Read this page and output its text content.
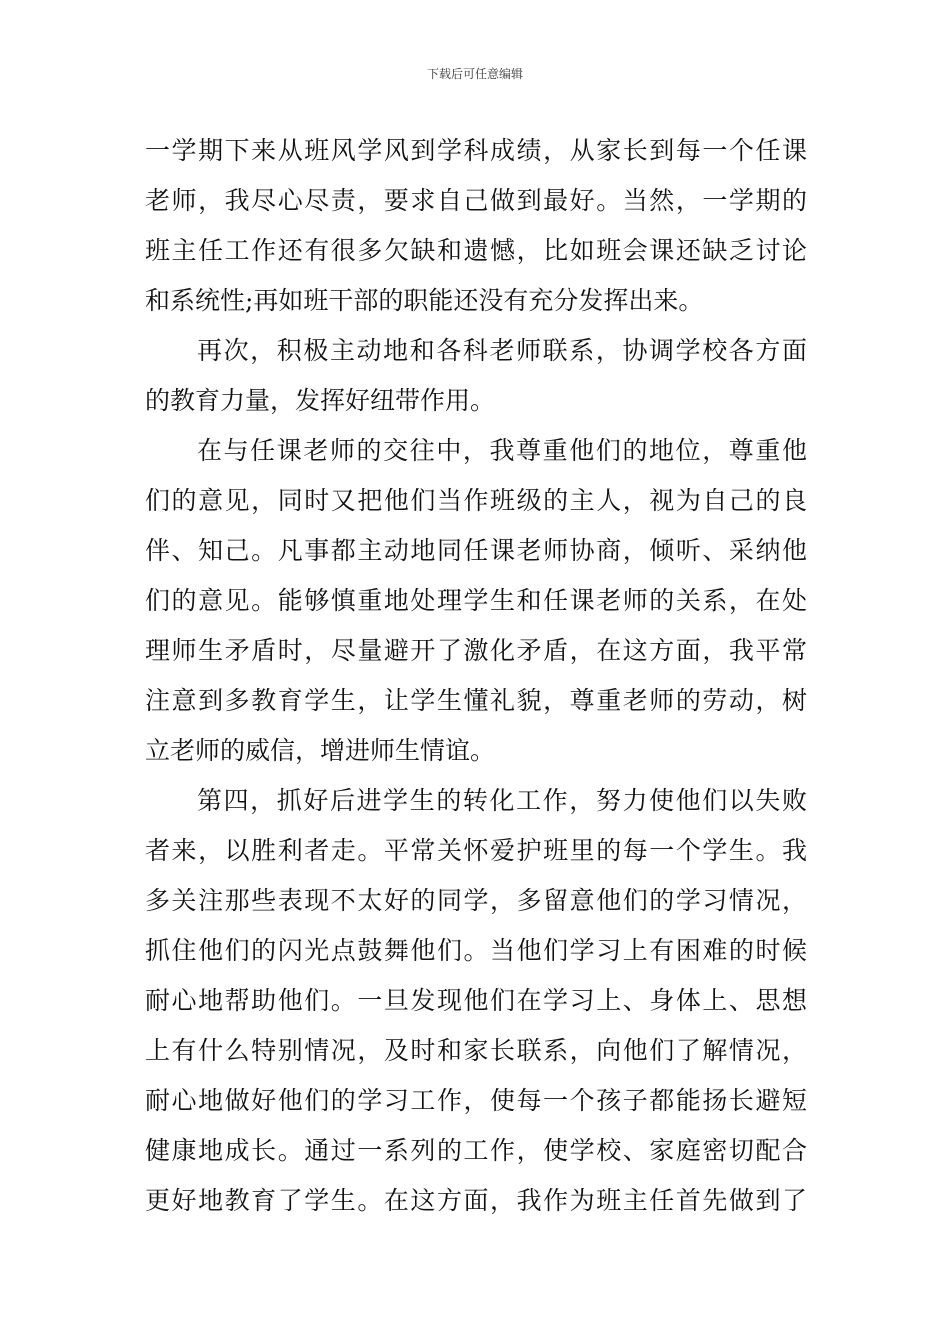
下载后可任意编辑
一学期下来从班风学风到学科成绩，从家长到每一个任课
老师，我尽心尽责，要求自己做到最好。当然，一学期的
班主任工作还有很多欠缺和遗憾，比如班会课还缺乏讨论
和系统性;再如班干部的职能还没有充分发挥出来。
再次，积极主动地和各科老师联系，协调学校各方面
的教育力量，发挥好纽带作用。
在与任课老师的交往中，我尊重他们的地位，尊重他
们的意见，同时又把他们当作班级的主人，视为自己的良
伴、知己。凡事都主动地同任课老师协商，倾听、采纳他
们的意见。能够慎重地处理学生和任课老师的关系，在处
理师生矛盾时，尽量避开了激化矛盾，在这方面，我平常
注意到多教育学生，让学生懂礼貌，尊重老师的劳动，树
立老师的威信，增进师生情谊。
第四，抓好后进学生的转化工作，努力使他们以失败
者来，以胜利者走。平常关怀爱护班里的每一个学生。我
多关注那些表现不太好的同学，多留意他们的学习情况，
抓住他们的闪光点鼓舞他们。当他们学习上有困难的时候
耐心地帮助他们。一旦发现他们在学习上、身体上、思想
上有什么特别情况，及时和家长联系，向他们了解情况，
耐心地做好他们的学习工作，使每一个孩子都能扬长避短
健康地成长。通过一系列的工作，使学校、家庭密切配合
更好地教育了学生。在这方面，我作为班主任首先做到了
